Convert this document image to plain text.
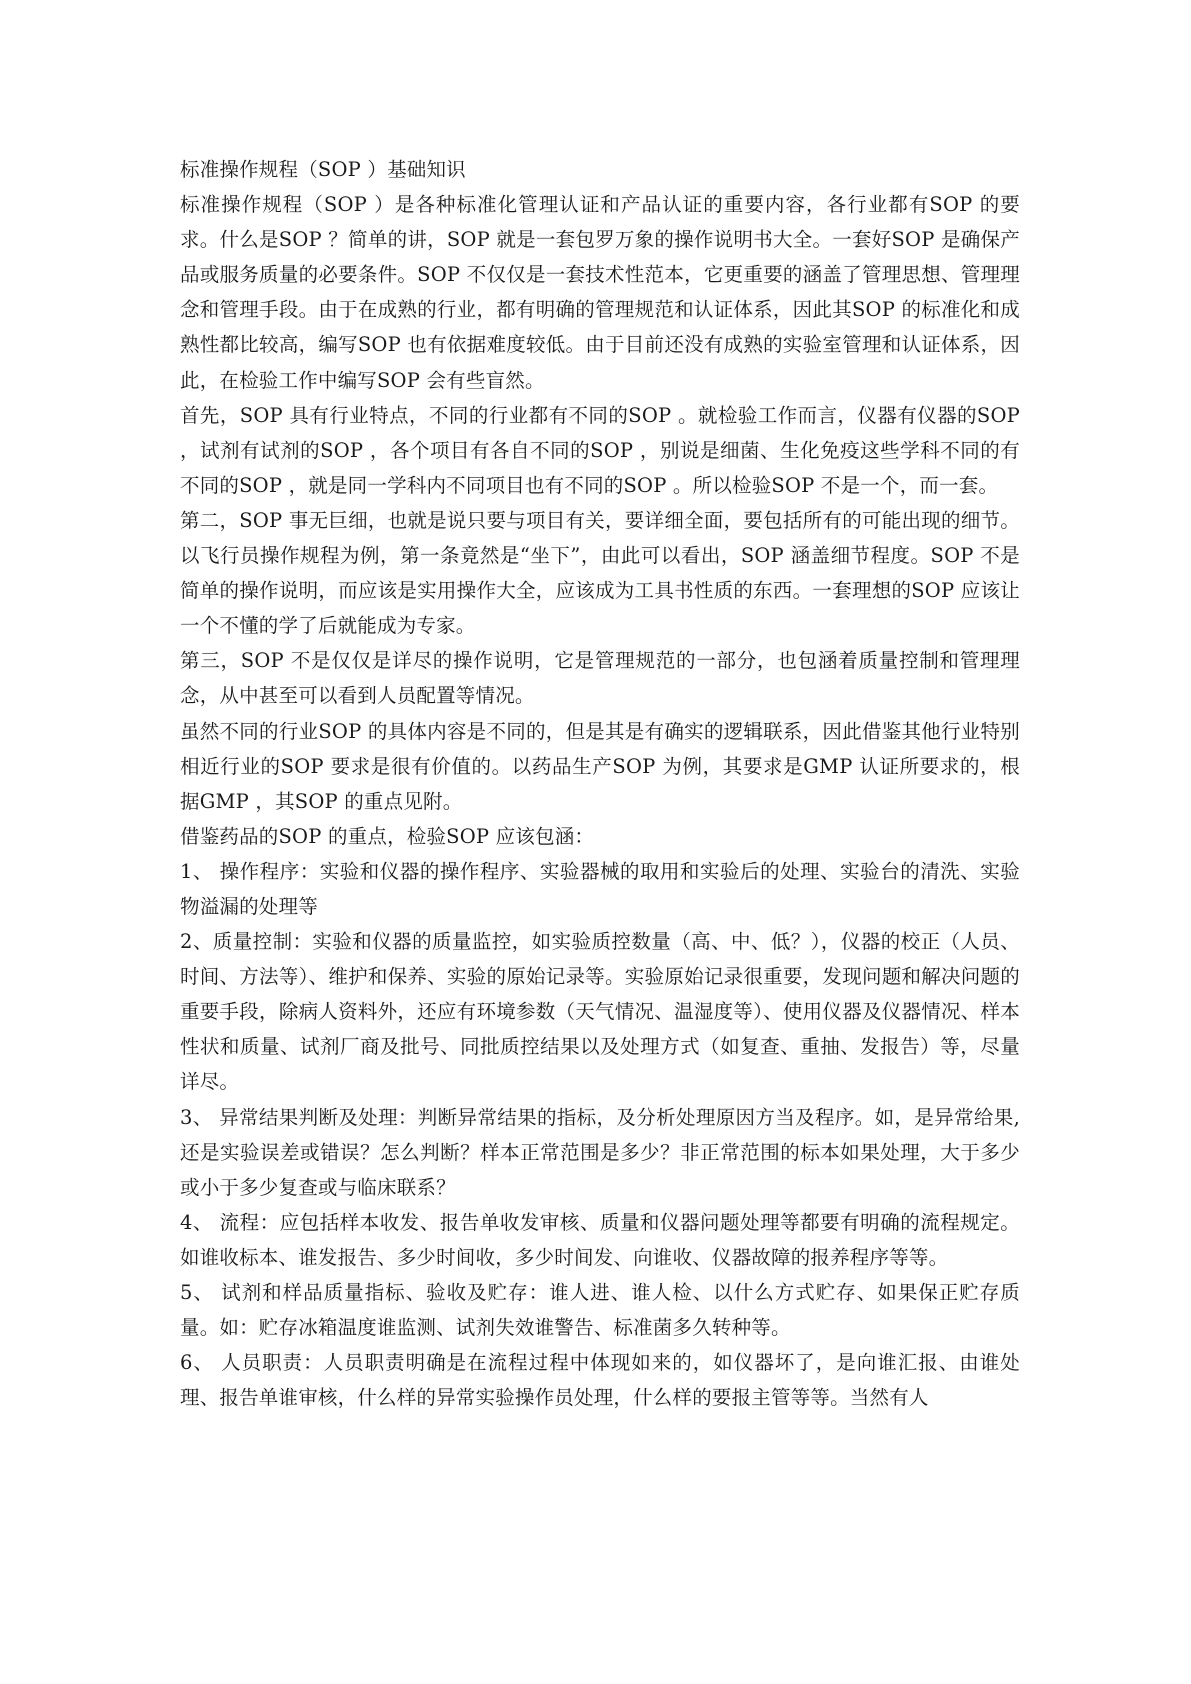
标准操作规程（SOP ）基础知识

标准操作规程（SOP ）是各种标准化管理认证和产品认证的重要内容，各行业都有SOP 的要求。什么是SOP ？简单的讲，SOP 就是一套包罗万象的操作说明书大全。一套好SOP 是确保产品或服务质量的必要条件。SOP 不仅仅是一套技术性范本，它更重要的涵盖了管理思想、管理理念和管理手段。由于在成熟的行业，都有明确的管理规范和认证体系，因此其SOP 的标准化和成熟性都比较高，编写SOP 也有依据难度较低。由于目前还没有成熟的实验室管理和认证体系，因此，在检验工作中编写SOP 会有些盲然。

首先，SOP 具有行业特点，不同的行业都有不同的SOP 。就检验工作而言，仪器有仪器的SOP ，试剂有试剂的SOP ，各个项目有各自不同的SOP ，别说是细菌、生化免疫这些学科不同的有不同的SOP ，就是同一学科内不同项目也有不同的SOP 。所以检验SOP 不是一个，而一套。

第二，SOP 事无巨细，也就是说只要与项目有关，要详细全面，要包括所有的可能出现的细节。以飞行员操作规程为例，第一条竟然是“坐下”，由此可以看出，SOP 涵盖细节程度。SOP 不是简单的操作说明，而应该是实用操作大全，应该成为工具书性质的东西。一套理想的SOP 应该让一个不懂的学了后就能成为专家。

第三，SOP 不是仅仅是详尽的操作说明，它是管理规范的一部分，也包涵着质量控制和管理理念，从中甚至可以看到人员配置等情况。

虽然不同的行业SOP 的具体内容是不同的，但是其是有确实的逻辑联系，因此借鉴其他行业特别相近行业的SOP 要求是很有价值的。以药品生产SOP 为例，其要求是GMP 认证所要求的，根据GMP ，其SOP 的重点见附。

借鉴药品的SOP 的重点，检验SOP 应该包涵：

1、 操作程序：实验和仪器的操作程序、实验器械的取用和实验后的处理、实验台的清洗、实验物溢漏的处理等

2、质量控制：实验和仪器的质量监控，如实验质控数量（高、中、低？），仪器的校正（人员、时间、方法等）、维护和保养、实验的原始记录等。实验原始记录很重要，发现问题和解决问题的重要手段，除病人资料外，还应有环境参数（天气情况、温湿度等）、使用仪器及仪器情况、样本性状和质量、试剂厂商及批号、同批质控结果以及处理方式（如复查、重抽、发报告）等，尽量详尽。

3、 异常结果判断及处理：判断异常结果的指标，及分析处理原因方当及程序。如，是异常给果,还是实验误差或错误？怎么判断？样本正常范围是多少？非正常范围的标本如果处理，大于多少或小于多少复查或与临床联系？

4、 流程：应包括样本收发、报告单收发审核、质量和仪器问题处理等都要有明确的流程规定。如谁收标本、谁发报告、多少时间收，多少时间发、向谁收、仪器故障的报养程序等等。

5、 试剂和样品质量指标、验收及贮存：谁人进、谁人检、以什么方式贮存、如果保正贮存质量。如：贮存冰箱温度谁监测、试剂失效谁警告、标准菌多久转种等。

6、 人员职责：人员职责明确是在流程过程中体现如来的，如仪器坏了，是向谁汇报、由谁处理、报告单谁审核，什么样的异常实验操作员处理，什么样的要报主管等等。当然有人
